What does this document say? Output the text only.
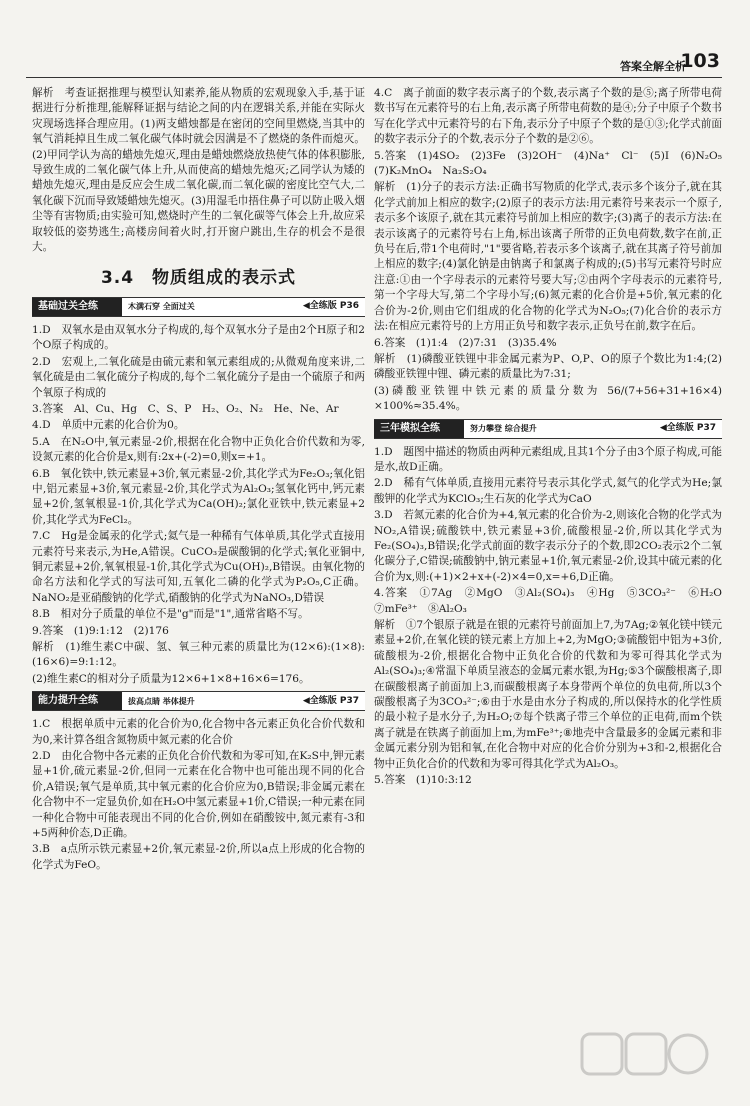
答案全解全析
103

解析　考查证据推理与模型认知素养,能从物质的宏观现象入手,基于证据进行分析推理,能解释证据与结论之间的内在逻辑关系,并能在实际火灾现场选择合理应用。(1)两支蜡烛都是在密闭的空间里燃烧,当其中的氧气消耗掉且生成二氧化碳气体时就会因满是不了燃烧的条件而熄灭。(2)甲同学认为高的蜡烛先熄灭,理由是蜡烛燃烧放热使气体的体积膨胀,导致生成的二氧化碳气体上升,从而使高的蜡烛先熄灭;乙同学认为矮的蜡烛先熄灭,理由是反应会生成二氧化碳,而二氧化碳的密度比空气大,二氧化碳下沉而导致矮蜡烛先熄灭。(3)用湿毛巾捂住鼻子可以防止吸入烟尘等有害物质;由实验可知,燃烧时产生的二氧化碳等气体会上升,故应采取较低的姿势逃生;高楼房间着火时,打开窗户跳出,生存的机会不是很大。

3.4　物质组成的表示式
基础过关全练	木满石穿 全面过关	◀全练版 P36

1.D　双氧水是由双氧水分子构成的,每个双氧水分子是由2个H原子和2个O原子构成的。

2.D　宏观上,二氧化硫是由硫元素和氧元素组成的;从微观角度来讲,二氧化硫是由二氧化硫分子构成的,每个二氧化硫分子是由一个硫原子和两个氧原子构成的

3.答案　Al、Cu、Hg　C、S、P　H₂、O₂、N₂　He、Ne、Ar

4.D　单质中元素的化合价为0。

5.A　在N₂O中,氧元素显-2价,根据在化合物中正负化合价代数和为零,设氮元素的化合价是x,则有:2x+(-2)=0,则x=+1。

6.B　氧化铁中,铁元素显+3价,氧元素显-2价,其化学式为Fe₂O₃;氧化铝中,铝元素显+3价,氧元素显-2价,其化学式为Al₂O₃;氢氧化钙中,钙元素显+2价,氢氧根显-1价,其化学式为Ca(OH)₂;氯化亚铁中,铁元素显+2价,其化学式为FeCl₂。

7.C　Hg是金属汞的化学式;氦气是一种稀有气体单质,其化学式直接用元素符号来表示,为He,A错误。CuCO₃是碳酸铜的化学式;氧化亚铜中,铜元素显+2价,氧氧根显-1价,其化学式为Cu(OH)₂,B错误。由氧化物的命名方法和化学式的写法可知,五氧化二磷的化学式为P₂O₅,C正确。NaNO₂是亚硝酸钠的化学式,硝酸钠的化学式为NaNO₃,D错误

8.B　相对分子质量的单位不是"g"而是"1",通常省略不写。

9.答案　(1)9:1:12　(2)176

解析　(1)维生素C中碳、氢、氧三种元素的质量比为(12×6):(1×8):(16×6)=9:1:12。

(2)维生素C的相对分子质量为12×6+1×8+16×6=176。

能力提升全练	拔高点睛 举体提升	◀全练版 P37

1.C　根据单质中元素的化合价为0,化合物中各元素正负化合价代数和为0,来计算各组含氮物质中氮元素的化合价

2.D　由化合物中各元素的正负化合价代数和为零可知,在K₂S中,钾元素显+1价,硫元素显-2价,但同一元素在化合物中也可能出现不同的化合价,A错误;氧气是单质,其中氧元素的化合价应为0,B错误;非金属元素在化合物中不一定显负价,如在H₂O中氢元素显+1价,C错误;一种元素在同一种化合物中可能表现出不同的化合价,例如在硝酸铵中,氮元素有-3和+5两种价态,D正确。

3.B　a点所示铁元素显+2价,氧元素显-2价,所以a点上形成的化合物的化学式为FeO。

4.C　离子前面的数字表示离子的个数,表示离子个数的是⑤;离子所带电荷数书写在元素符号的右上角,表示离子所带电荷数的是④;分子中原子个数书写在化学式中元素符号的右下角,表示分子中原子个数的是①③;化学式前面的数字表示分子的个数,表示分子个数的是②⑥。

5.答案　(1)4SO₂　(2)3Fe　(3)2OH⁻　(4)Na⁺　Cl⁻　(5)I　(6)N₂O₅　(7)K₂MnO₄　Na₂S₂O₄

解析　(1)分子的表示方法:正确书写物质的化学式,表示多个该分子,就在其化学式前加上相应的数字;(2)原子的表示方法:用元素符号来表示一个原子,表示多个该原子,就在其元素符号前加上相应的数字;(3)离子的表示方法:在表示该离子的元素符号右上角,标出该离子所带的正负电荷数,数字在前,正负号在后,带1个电荷时,"1"要省略,若表示多个该离子,就在其离子符号前加上相应的数字;(4)氯化钠是由钠离子和氯离子构成的;(5)书写元素符号时应注意:①由一个字母表示的元素符号要大写;②由两个字母表示的元素符号,第一个字母大写,第二个字母小写;(6)氮元素的化合价是+5价,氧元素的化合价为-2价,则由它们组成的化合物的化学式为N₂O₅;(7)化合价的表示方法:在相应元素符号的上方用正负号和数字表示,正负号在前,数字在后。

6.答案　(1)1:4　(2)7:31　(3)35.4%

解析　(1)磷酸亚铁锂中非金属元素为P、O,P、O的原子个数比为1:4;(2)磷酸亚铁锂中锂、磷元素的质量比为7:31;

(3)磷酸亚铁锂中铁元素的质量分数为 56/(7+56+31+16×4) ×100%≈35.4%。

三年模拟全练	努力攀登 综合提升	◀全练版 P37

1.D　题图中描述的物质由两种元素组成,且其1个分子由3个原子构成,可能是水,故D正确。

2.D　稀有气体单质,直接用元素符号表示其化学式,氦气的化学式为He;氯酸钾的化学式为KClO₃;生石灰的化学式为CaO

3.D　若氮元素的化合价为+4,氧元素的化合价为-2,则该化合物的化学式为NO₂,A错误;硫酸铁中,铁元素显+3价,硫酸根显-2价,所以其化学式为Fe₂(SO₄)₃,B错误;化学式前面的数字表示分子的个数,即2CO₂表示2个二氧化碳分子,C错误;硫酸钠中,钠元素显+1价,氧元素显-2价,设其中硫元素的化合价为x,则:(+1)×2+x+(-2)×4=0,x=+6,D正确。

4.答案　①7Ag　②MgO　③Al₂(SO₄)₃　④Hg　⑤3CO₃²⁻　⑥H₂O　⑦mFe³⁺　⑧Al₂O₃

解析　①7个银原子就是在银的元素符号前面加上7,为7Ag;②氧化镁中镁元素显+2价,在氧化镁的镁元素上方加上+2,为MgO;③硫酸铝中铝为+3价,硫酸根为-2价,根据化合物中正负化合价的代数和为零可得其化学式为Al₂(SO₄)₃;④常温下单质呈液态的金属元素水银,为Hg;⑤3个碳酸根离子,即在碳酸根离子前面加上3,而碳酸根离子本身带两个单位的负电荷,所以3个碳酸根离子为3CO₃²⁻;⑥由于水是由水分子构成的,所以保持水的化学性质的最小粒子是水分子,为H₂O;⑦每个铁离子带三个单位的正电荷,而m个铁离子就是在铁离子前面加上m,为mFe³⁺;⑧地壳中含量最多的金属元素和非金属元素分别为铝和氧,在化合物中对应的化合价分别为+3和-2,根据化合物中正负化合价的代数和为零可得其化学式为Al₂O₃。

5.答案　(1)10:3:12
